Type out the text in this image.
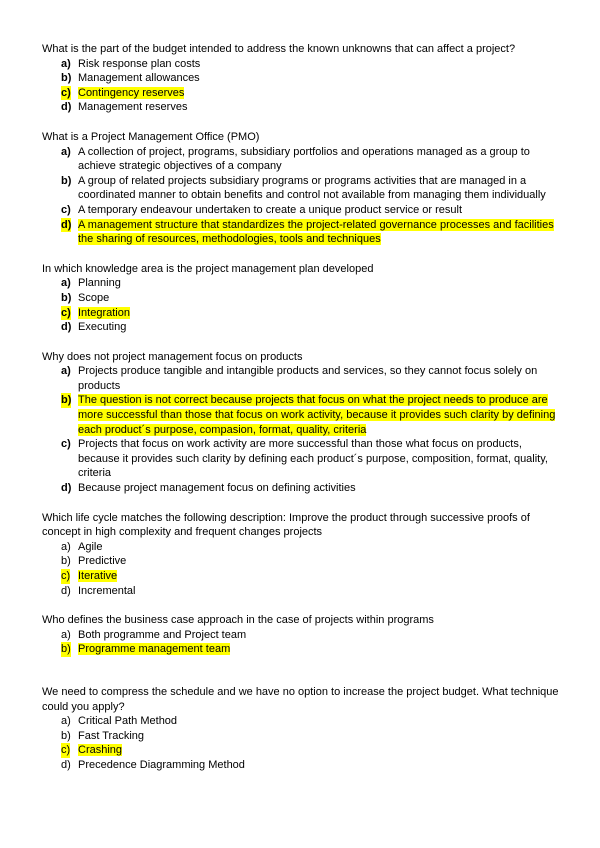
What is the part of the budget intended to address the known unknowns that can affect a project?
a) Risk response plan costs
b) Management allowances
c) Contingency reserves
d) Management reserves
What is a Project Management Office (PMO)
a) A collection of project, programs, subsidiary portfolios and operations managed as a group to achieve strategic objectives of a company
b) A group of related projects subsidiary programs or programs activities that are managed in a coordinated manner to obtain benefits and control not available from managing them individually
c) A temporary endeavour undertaken to create a unique product service or result
d) A management structure that standardizes the project-related governance processes and facilities the sharing of resources, methodologies, tools and techniques
In which knowledge area is the project management plan developed
a) Planning
b) Scope
c) Integration
d) Executing
Why does not project management focus on products
a) Projects produce tangible and intangible products and services, so they cannot focus solely on products
b) The question is not correct because projects that focus on what the project needs to produce are more successful than those that focus on work activity, because it provides such clarity by defining each product´s purpose, compasion, format, quality, criteria
c) Projects that focus on work activity are more successful than those what focus on products, because it provides such clarity by defining each product´s purpose, composition, format, quality, criteria
d) Because project management focus on defining activities
Which life cycle matches the following description: Improve the product through successive proofs of concept in high complexity and frequent changes projects
a) Agile
b) Predictive
c) Iterative
d) Incremental
Who defines the business case approach in the case of projects within programs
a) Both programme and Project team
b) Programme management team
We need to compress the schedule and we have no option to increase the project budget. What technique could you apply?
a) Critical Path Method
b) Fast Tracking
c) Crashing
d) Precedence Diagramming Method
